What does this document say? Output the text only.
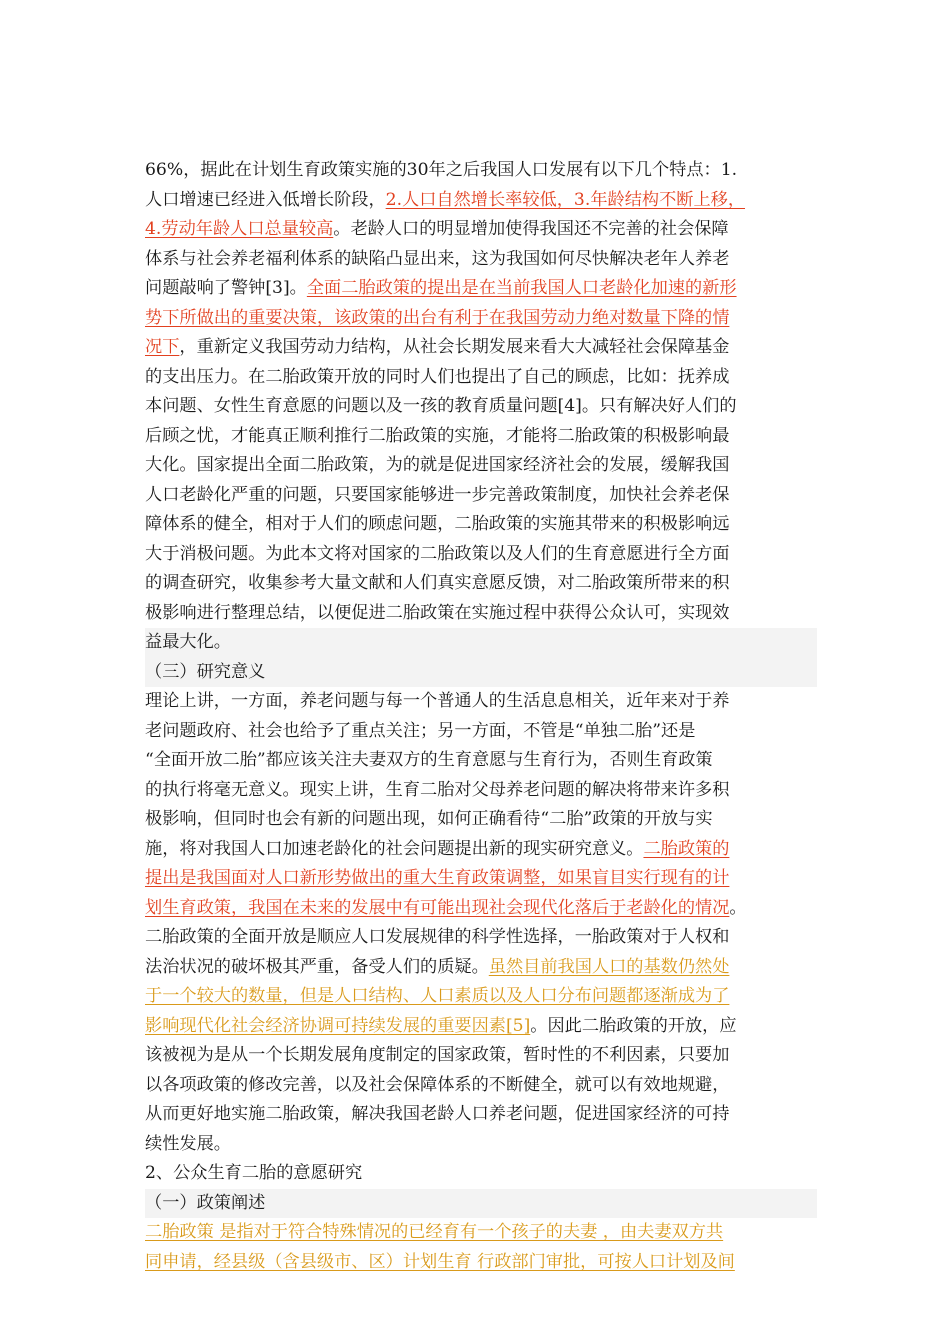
66%，据此在计划生育政策实施的30年之后我国人口发展有以下几个特点：1.
人口增速已经进入低增长阶段，2.人口自然增长率较低，3.年龄结构不断上移，
4.劳动年龄人口总量较高。老龄人口的明显增加使得我国还不完善的社会保障
体系与社会养老福利体系的缺陷凸显出来，这为我国如何尽快解决老年人养老
问题敲响了警钟[3]。全面二胎政策的提出是在当前我国人口老龄化加速的新形
势下所做出的重要决策，该政策的出台有利于在我国劳动力绝对数量下降的情
况下，重新定义我国劳动力结构，从社会长期发展来看大大减轻社会保障基金
的支出压力。在二胎政策开放的同时人们也提出了自己的顾虑，比如：抚养成
本问题、女性生育意愿的问题以及一孩的教育质量问题[4]。只有解决好人们的
后顾之忧，才能真正顺利推行二胎政策的实施，才能将二胎政策的积极影响最
大化。国家提出全面二胎政策，为的就是促进国家经济社会的发展，缓解我国
人口老龄化严重的问题，只要国家能够进一步完善政策制度，加快社会养老保
障体系的健全，相对于人们的顾虑问题，二胎政策的实施其带来的积极影响远
大于消极问题。为此本文将对国家的二胎政策以及人们的生育意愿进行全方面
的调查研究，收集参考大量文献和人们真实意愿反馈，对二胎政策所带来的积
极影响进行整理总结，以便促进二胎政策在实施过程中获得公众认可，实现效
益最大化。
（三）研究意义
理论上讲，一方面，养老问题与每一个普通人的生活息息相关，近年来对于养
老问题政府、社会也给予了重点关注；另一方面，不管是“单独二胎”还是
“全面开放二胎”都应该关注夫妻双方的生育意愿与生育行为，否则生育政策
的执行将毫无意义。现实上讲，生育二胎对父母养老问题的解决将带来许多积
极影响，但同时也会有新的问题出现，如何正确看待“二胎”政策的开放与实
施，将对我国人口加速老龄化的社会问题提出新的现实研究意义。二胎政策的
提出是我国面对人口新形势做出的重大生育政策调整，如果盲目实行现有的计
划生育政策，我国在未来的发展中有可能出现社会现代化落后于老龄化的情况。
二胎政策的全面开放是顺应人口发展规律的科学性选择，一胎政策对于人权和
法治状况的破坏极其严重，备受人们的质疑。虽然目前我国人口的基数仍然处
于一个较大的数量，但是人口结构、人口素质以及人口分布问题都逐渐成为了
影响现代化社会经济协调可持续发展的重要因素[5]。因此二胎政策的开放，应
该被视为是从一个长期发展角度制定的国家政策，暂时性的不利因素，只要加
以各项政策的修改完善，以及社会保障体系的不断健全，就可以有效地规避，
从而更好地实施二胎政策，解决我国老龄人口养老问题，促进国家经济的可持
续性发展。
2、公众生育二胎的意愿研究
（一）政策阐述
二胎政策 是指对于符合特殊情况的已经育有一个孩子的夫妻 ，由夫妻双方共
同申请，经县级（含县级市、区）计划生育 行政部门审批，可按人口计划及间
